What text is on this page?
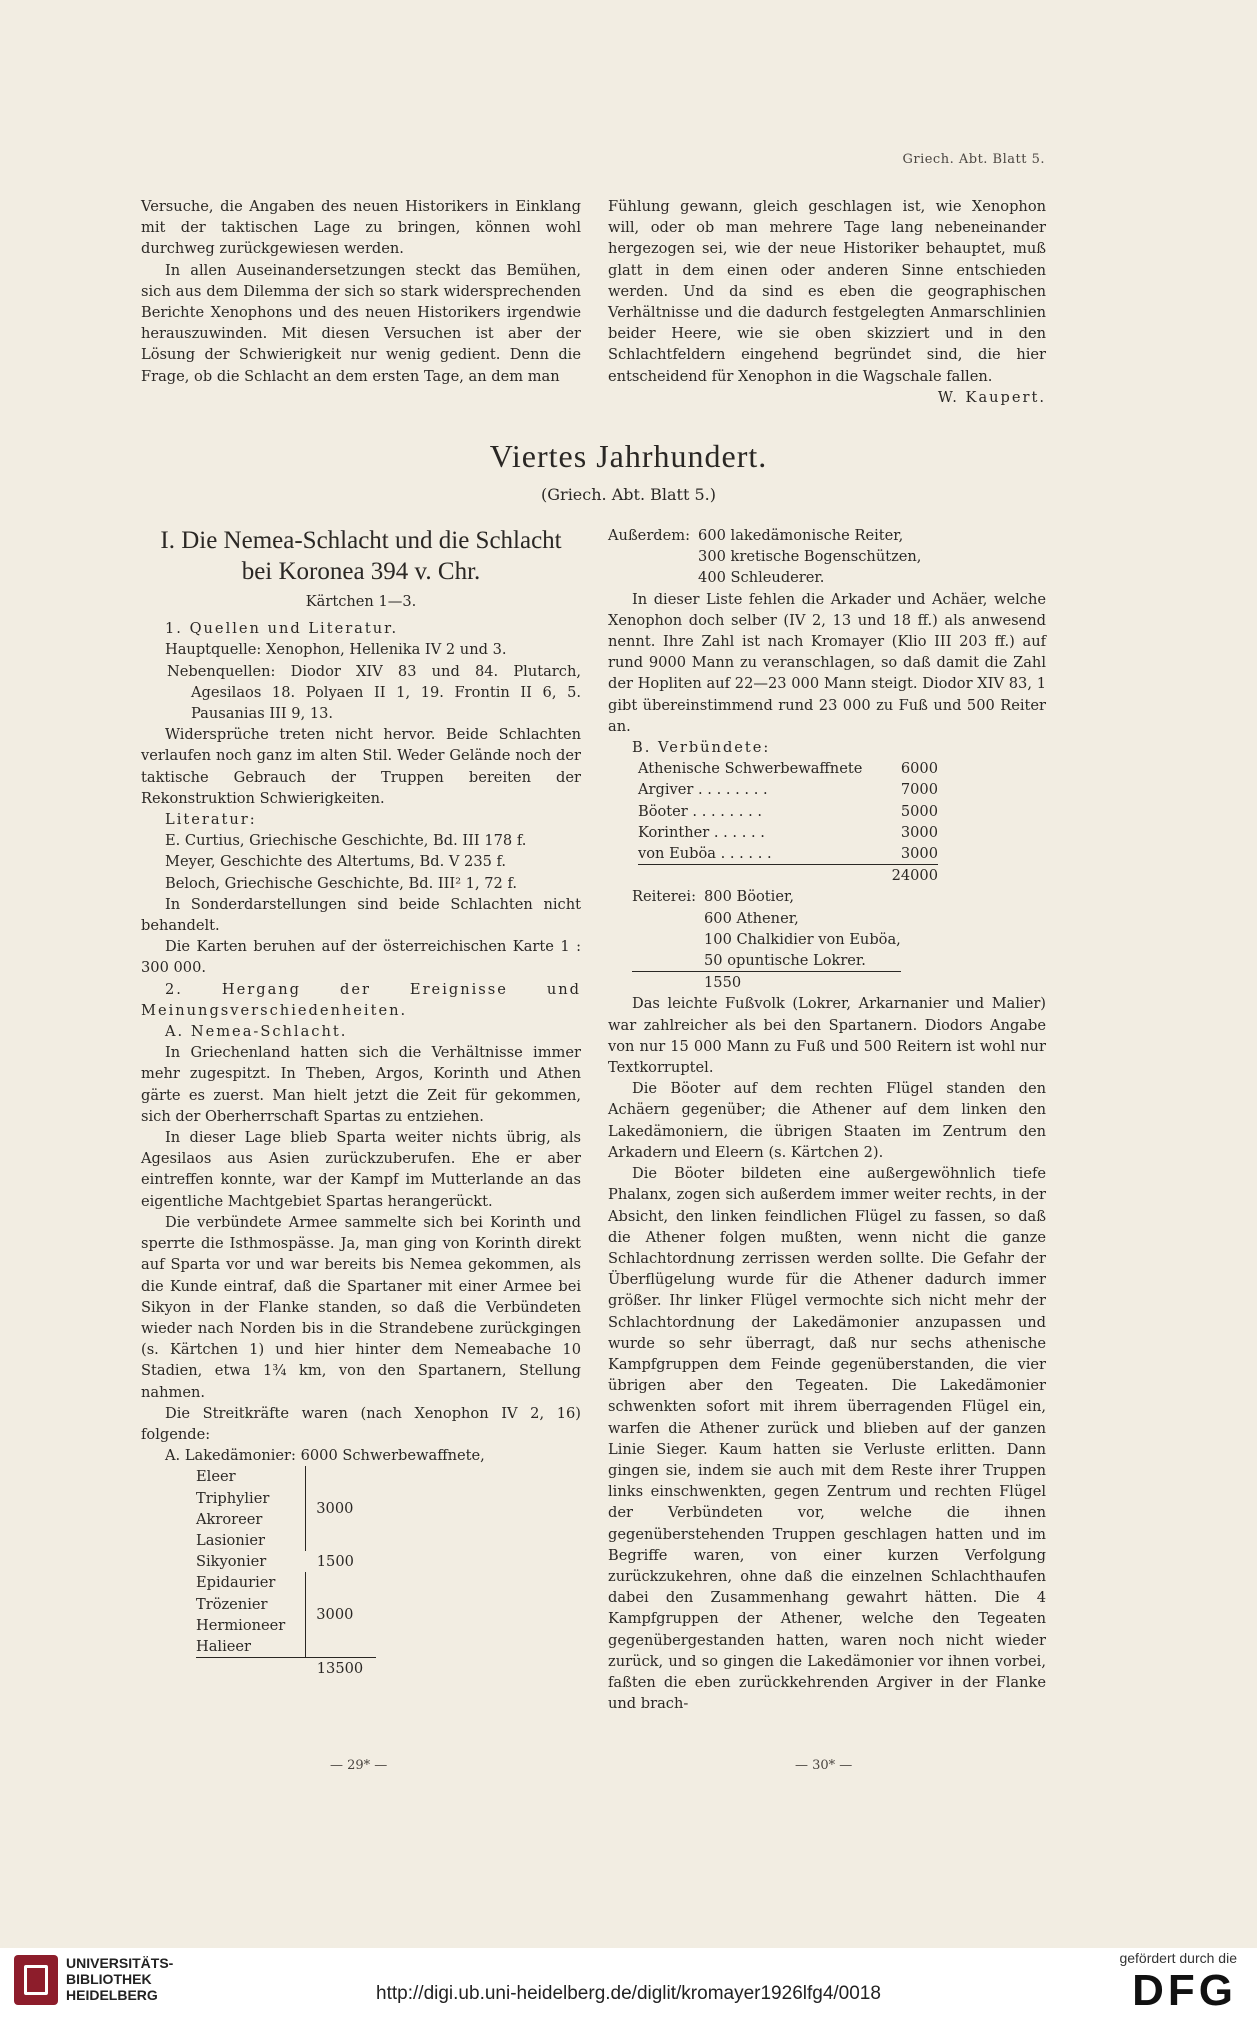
Griech. Abt. Blatt 5.

Versuche, die Angaben des neuen Historikers in Einklang mit der taktischen Lage zu bringen, können wohl durchweg zurückgewiesen werden.

In allen Auseinandersetzungen steckt das Bemühen, sich aus dem Dilemma der sich so stark widersprechenden Berichte Xenophons und des neuen Historikers irgendwie herauszuwinden. Mit diesen Versuchen ist aber der Lösung der Schwierigkeit nur wenig gedient. Denn die Frage, ob die Schlacht an dem ersten Tage, an dem man

Fühlung gewann, gleich geschlagen ist, wie Xenophon will, oder ob man mehrere Tage lang nebeneinander hergezogen sei, wie der neue Historiker behauptet, muß glatt in dem einen oder anderen Sinne entschieden werden. Und da sind es eben die geographischen Verhältnisse und die dadurch festgelegten Anmarschlinien beider Heere, wie sie oben skizziert und in den Schlachtfeldern eingehend begründet sind, die hier entscheidend für Xenophon in die Wagschale fallen.

W. Kaupert.

Viertes Jahrhundert.
(Griech. Abt. Blatt 5.)
I. Die Nemea-Schlacht und die Schlacht
bei Koronea 394 v. Chr.

Kärtchen 1—3.

1. Quellen und Literatur.

Hauptquelle: Xenophon, Hellenika IV 2 und 3.

Nebenquellen: Diodor XIV 83 und 84. Plutarch, Agesilaos 18. Polyaen II 1, 19. Frontin II 6, 5. Pausanias III 9, 13.

Widersprüche treten nicht hervor. Beide Schlachten verlaufen noch ganz im alten Stil. Weder Gelände noch der taktische Gebrauch der Truppen bereiten der Rekonstruktion Schwierigkeiten.

Literatur:

E. Curtius, Griechische Geschichte, Bd. III 178 f.

Meyer, Geschichte des Altertums, Bd. V 235 f.

Beloch, Griechische Geschichte, Bd. III² 1, 72 f.

In Sonderdarstellungen sind beide Schlachten nicht behandelt.

Die Karten beruhen auf der österreichischen Karte 1 : 300 000.

2. Hergang der Ereignisse und Meinungsverschiedenheiten.

A. Nemea-Schlacht.

In Griechenland hatten sich die Verhältnisse immer mehr zugespitzt. In Theben, Argos, Korinth und Athen gärte es zuerst. Man hielt jetzt die Zeit für gekommen, sich der Oberherrschaft Spartas zu entziehen.

In dieser Lage blieb Sparta weiter nichts übrig, als Agesilaos aus Asien zurückzuberufen. Ehe er aber eintreffen konnte, war der Kampf im Mutterlande an das eigentliche Machtgebiet Spartas herangerückt.

Die verbündete Armee sammelte sich bei Korinth und sperrte die Isthmospässe. Ja, man ging von Korinth direkt auf Sparta vor und war bereits bis Nemea gekommen, als die Kunde eintraf, daß die Spartaner mit einer Armee bei Sikyon in der Flanke standen, so daß die Verbündeten wieder nach Norden bis in die Strandebene zurückgingen (s. Kärtchen 1) und hier hinter dem Nemeabache 10 Stadien, etwa 1¾ km, von den Spartanern, Stellung nahmen.

Die Streitkräfte waren (nach Xenophon IV 2, 16) folgende:

A. Lakedämonier: 6000 Schwerbewaffnete,

Eleer	3000
Triphylier	
Akroreer	
Lasionier	
Sikyonier	1500
Epidaurier	3000
Trözenier	
Hermioneer	
Halieer	
	13500
Außerdem:	600 lakedämonische Reiter,
	300 kretische Bogenschützen,
	400 Schleuderer.

In dieser Liste fehlen die Arkader und Achäer, welche Xenophon doch selber (IV 2, 13 und 18 ff.) als anwesend nennt. Ihre Zahl ist nach Kromayer (Klio III 203 ff.) auf rund 9000 Mann zu veranschlagen, so daß damit die Zahl der Hopliten auf 22—23 000 Mann steigt. Diodor XIV 83, 1 gibt übereinstimmend rund 23 000 zu Fuß und 500 Reiter an.

B. Verbündete:

Athenische Schwerbewaffnete	6000
Argiver . . . . . . . .	7000
Böoter . . . . . . . .	5000
Korinther . . . . . .	3000
von Euböa . . . . . .	3000
	24000
Reiterei:	800 Böotier,
	600 Athener,
	100 Chalkidier von Euböa,
	50 opuntische Lokrer.
	1550

Das leichte Fußvolk (Lokrer, Arkarnanier und Malier) war zahlreicher als bei den Spartanern. Diodors Angabe von nur 15 000 Mann zu Fuß und 500 Reitern ist wohl nur Textkorruptel.

Die Böoter auf dem rechten Flügel standen den Achäern gegenüber; die Athener auf dem linken den Lakedämoniern, die übrigen Staaten im Zentrum den Arkadern und Eleern (s. Kärtchen 2).

Die Böoter bildeten eine außergewöhnlich tiefe Phalanx, zogen sich außerdem immer weiter rechts, in der Absicht, den linken feindlichen Flügel zu fassen, so daß die Athener folgen mußten, wenn nicht die ganze Schlachtordnung zerrissen werden sollte. Die Gefahr der Überflügelung wurde für die Athener dadurch immer größer. Ihr linker Flügel vermochte sich nicht mehr der Schlachtordnung der Lakedämonier anzupassen und wurde so sehr überragt, daß nur sechs athenische Kampfgruppen dem Feinde gegenüberstanden, die vier übrigen aber den Tegeaten. Die Lakedämonier schwenkten sofort mit ihrem überragenden Flügel ein, warfen die Athener zurück und blieben auf der ganzen Linie Sieger. Kaum hatten sie Verluste erlitten. Dann gingen sie, indem sie auch mit dem Reste ihrer Truppen links einschwenkten, gegen Zentrum und rechten Flügel der Verbündeten vor, welche die ihnen gegenüberstehenden Truppen geschlagen hatten und im Begriffe waren, von einer kurzen Verfolgung zurückzukehren, ohne daß die einzelnen Schlachthaufen dabei den Zusammenhang gewahrt hätten. Die 4 Kampfgruppen der Athener, welche den Tegeaten gegenübergestanden hatten, waren noch nicht wieder zurück, und so gingen die Lakedämonier vor ihnen vorbei, faßten die eben zurückkehrenden Argiver in der Flanke und brach-

— 29* —	— 30* —
UNIVERSITÄTS-
BIBLIOTHEK
HEIDELBERG	http://digi.ub.uni-heidelberg.de/diglit/kromayer1926lfg4/0018
gefördert durch die
DFG
